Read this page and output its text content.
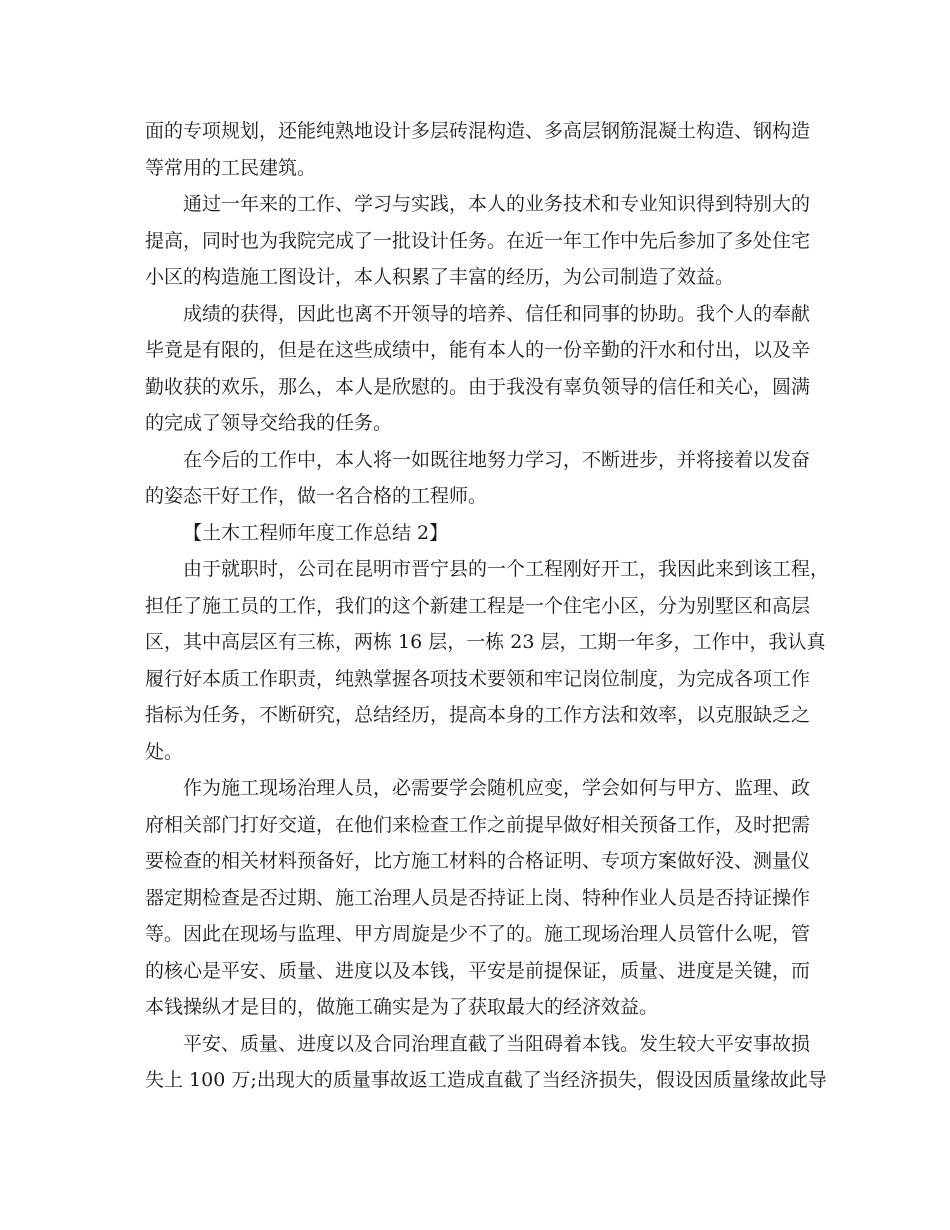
面的专项规划，还能纯熟地设计多层砖混构造、多高层钢筋混凝土构造、钢构造
等常用的工民建筑。
通过一年来的工作、学习与实践，本人的业务技术和专业知识得到特别大的
提高，同时也为我院完成了一批设计任务。在近一年工作中先后参加了多处住宅
小区的构造施工图设计，本人积累了丰富的经历，为公司制造了效益。
成绩的获得，因此也离不开领导的培养、信任和同事的协助。我个人的奉献
毕竟是有限的，但是在这些成绩中，能有本人的一份辛勤的汗水和付出，以及辛
勤收获的欢乐，那么，本人是欣慰的。由于我没有辜负领导的信任和关心，圆满
的完成了领导交给我的任务。
在今后的工作中，本人将一如既往地努力学习，不断进步，并将接着以发奋
的姿态干好工作，做一名合格的工程师。
【土木工程师年度工作总结 2】
由于就职时，公司在昆明市晋宁县的一个工程刚好开工，我因此来到该工程，
担任了施工员的工作，我们的这个新建工程是一个住宅小区，分为别墅区和高层
区，其中高层区有三栋，两栋 16 层，一栋 23 层，工期一年多，工作中，我认真
履行好本质工作职责，纯熟掌握各项技术要领和牢记岗位制度，为完成各项工作
指标为任务，不断研究，总结经历，提高本身的工作方法和效率，以克服缺乏之
处。
作为施工现场治理人员，必需要学会随机应变，学会如何与甲方、监理、政
府相关部门打好交道，在他们来检查工作之前提早做好相关预备工作，及时把需
要检查的相关材料预备好，比方施工材料的合格证明、专项方案做好没、测量仪
器定期检查是否过期、施工治理人员是否持证上岗、特种作业人员是否持证操作
等。因此在现场与监理、甲方周旋是少不了的。施工现场治理人员管什么呢，管
的核心是平安、质量、进度以及本钱，平安是前提保证，质量、进度是关键，而
本钱操纵才是目的，做施工确实是为了获取最大的经济效益。
平安、质量、进度以及合同治理直截了当阻碍着本钱。发生较大平安事故损
失上 100 万;出现大的质量事故返工造成直截了当经济损失，假设因质量缘故此导
